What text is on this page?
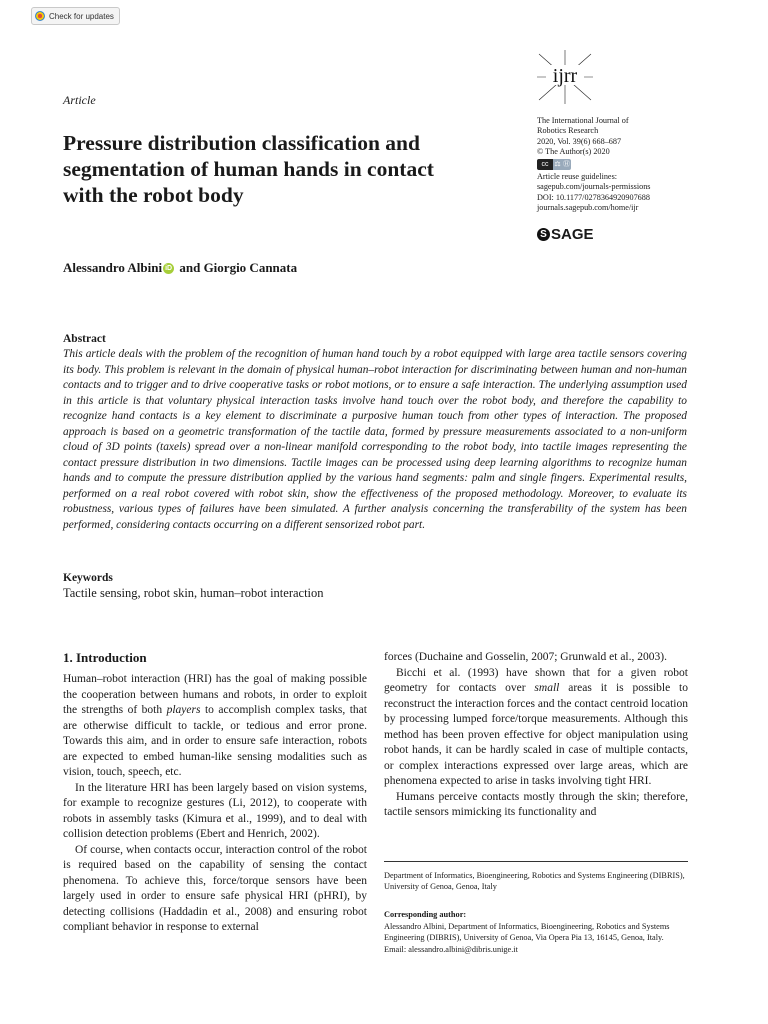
Check for updates
Article
Pressure distribution classification and segmentation of human hands in contact with the robot body
Alessandro Albini iD and Giorgio Cannata
ijrr
The International Journal of
Robotics Research
2020, Vol. 39(6) 668–687
© The Author(s) 2020
cc ⚖ Ⓗ
Article reuse guidelines:
sagepub.com/journals-permissions
DOI: 10.1177/0278364920907688
journals.sagepub.com/home/ijr
S SAGE
Abstract
This article deals with the problem of the recognition of human hand touch by a robot equipped with large area tactile sensors covering its body. This problem is relevant in the domain of physical human–robot interaction for discriminating between human and non-human contacts and to trigger and to drive cooperative tasks or robot motions, or to ensure a safe interaction. The underlying assumption used in this article is that voluntary physical interaction tasks involve hand touch over the robot body, and therefore the capability to recognize hand contacts is a key element to discriminate a purposive human touch from other types of interaction. The proposed approach is based on a geometric transformation of the tactile data, formed by pressure measurements associated to a non-uniform cloud of 3D points (taxels) spread over a non-linear manifold corresponding to the robot body, into tactile images representing the contact pressure distribution in two dimensions. Tactile images can be processed using deep learning algorithms to recognize human hands and to compute the pressure distribution applied by the various hand segments: palm and single fingers. Experimental results, performed on a real robot covered with robot skin, show the effectiveness of the proposed methodology. Moreover, to evaluate its robustness, various types of failures have been simulated. A further analysis concerning the transferability of the system has been performed, considering contacts occurring on a different sensorized robot part.
Keywords
Tactile sensing, robot skin, human–robot interaction
1. Introduction

Human–robot interaction (HRI) has the goal of making possible the cooperation between humans and robots, in order to exploit the strengths of both players to accomplish complex tasks, that are otherwise difficult to tackle, or tedious and error prone. Towards this aim, and in order to ensure safe interaction, robots are expected to embed human-like sensing modalities such as vision, touch, speech, etc.

In the literature HRI has been largely based on vision systems, for example to recognize gestures (Li, 2012), to cooperate with robots in assembly tasks (Kimura et al., 1999), and to deal with collision detection problems (Ebert and Henrich, 2002).

Of course, when contacts occur, interaction control of the robot is required based on the capability of sensing the contact phenomena. To achieve this, force/torque sensors have been largely used in order to ensure safe physical HRI (pHRI), by detecting collisions (Haddadin et al., 2008) and ensuring robot compliant behavior in response to external

forces (Duchaine and Gosselin, 2007; Grunwald et al., 2003).

Bicchi et al. (1993) have shown that for a given robot geometry for contacts over small areas it is possible to reconstruct the interaction forces and the contact centroid location by processing lumped force/torque measurements. Although this method has been proven effective for object manipulation using robot hands, it can be hardly scaled in case of multiple contacts, or complex interactions expressed over large areas, which are phenomena expected to arise in tasks involving tight HRI.

Humans perceive contacts mostly through the skin; therefore, tactile sensors mimicking its functionality and

Department of Informatics, Bioengineering, Robotics and Systems Engineering (DIBRIS), University of Genoa, Genoa, Italy
Corresponding author:
Alessandro Albini, Department of Informatics, Bioengineering, Robotics and Systems Engineering (DIBRIS), University of Genoa, Via Opera Pia 13, 16145, Genoa, Italy.
Email: alessandro.albini@dibris.unige.it
